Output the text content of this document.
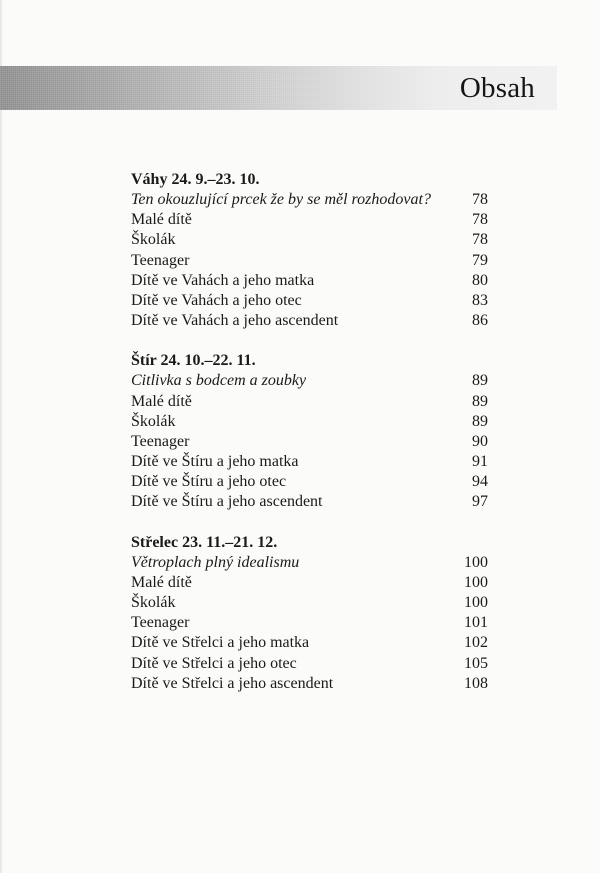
Obsah
Váhy 24. 9.–23. 10.
Ten okouzlující prcek že by se měl rozhodovat?	78
Malé dítě	78
Školák	78
Teenager	79
Dítě ve Vahách a jeho matka	80
Dítě ve Vahách a jeho otec	83
Dítě ve Vahách a jeho ascendent	86
Štír 24. 10.–22. 11.
Citlivka s bodcem a zoubky	89
Malé dítě	89
Školák	89
Teenager	90
Dítě ve Štíru a jeho matka	91
Dítě ve Štíru a jeho otec	94
Dítě ve Štíru a jeho ascendent	97
Střelec 23. 11.–21. 12.
Větroplach plný idealismu	100
Malé dítě	100
Školák	100
Teenager	101
Dítě ve Střelci a jeho matka	102
Dítě ve Střelci a jeho otec	105
Dítě ve Střelci a jeho ascendent	108
